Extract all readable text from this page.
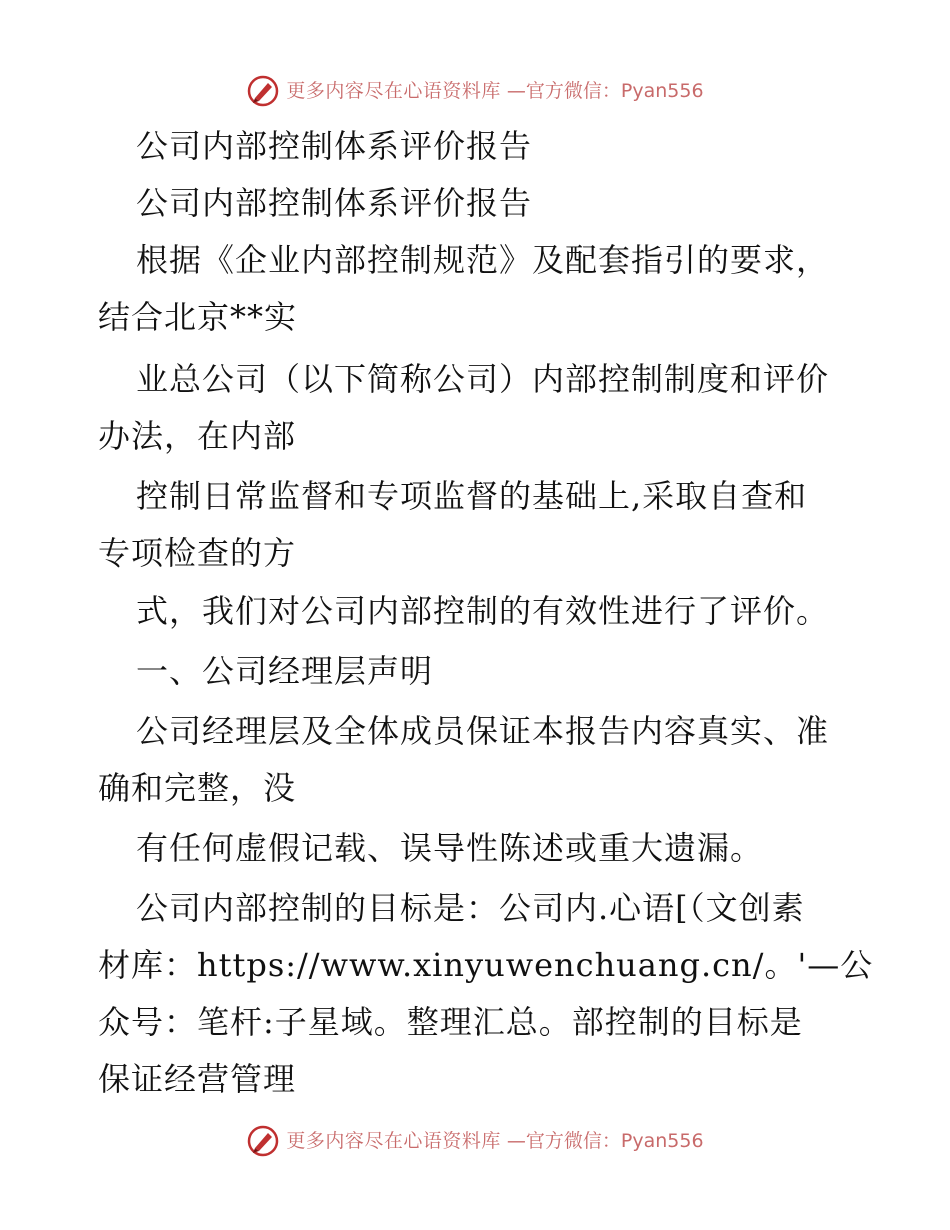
更多内容尽在心语资料库 —官方微信：Pyan556
公司内部控制体系评价报告
公司内部控制体系评价报告
根据《企业内部控制规范》及配套指引的要求，
结合北京**实
业总公司（以下简称公司）内部控制制度和评价
办法，在内部
控制日常监督和专项监督的基础上,采取自查和
专项检查的方
式，我们对公司内部控制的有效性进行了评价。
一、公司经理层声明
公司经理层及全体成员保证本报告内容真实、准
确和完整，没
有任何虚假记载、误导性陈述或重大遗漏。
公司内部控制的目标是：公司内.心语[（文创素
材库：https://www.xinyuwenchuang.cn/。'—公
众号：笔杆:子星域。整理汇总。部控制的目标是
保证经营管理
更多内容尽在心语资料库 —官方微信：Pyan556
